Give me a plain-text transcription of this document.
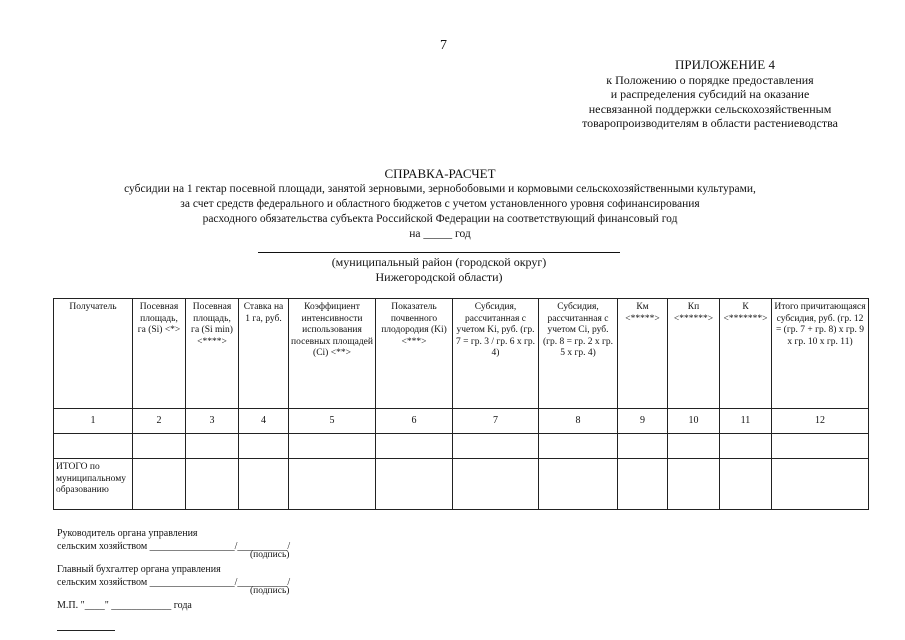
7
ПРИЛОЖЕНИЕ 4
к Положению о порядке предоставления
и распределения субсидий на оказание
несвязанной поддержки сельскохозяйственным
товаропроизводителям в области растениеводства
СПРАВКА-РАСЧЕТ
субсидии на 1 гектар посевной площади, занятой зерновыми, зернобобовыми и кормовыми сельскохозяйственными культурами,
за счет средств федерального и областного бюджетов с учетом установленного уровня софинансирования
расходного обязательства субъекта Российской Федерации на соответствующий финансовый год
на _____ год
(муниципальный район (городской округ)
Нижегородской области)
Получатель	Посевная площадь, га (Si) <*>	Посевная площадь, га (Si min) <****>	Ставка на 1 га, руб.	Коэффициент интенсивности использования посевных площадей (Ci) <**>	Показатель почвенного плодородия (Ki) <***>	Субсидия, рассчитанная с учетом Ki, руб. (гр. 7 = гр. 3 / гр. 6 х гр. 4)	Субсидия, рассчитанная с учетом Ci, руб. (гр. 8 = гр. 2 х гр. 5 х гр. 4)	Км <*****>	Кп <******>	К <*******>	Итого причитающаяся субсидия, руб. (гр. 12 = (гр. 7 + гр. 8) х гр. 9 х гр. 10 х гр. 11)
1	2	3	4	5	6	7	8	9	10	11	12

ИТОГО по муниципальному образованию											
Руководитель органа управления
сельским хозяйством _________________/__________/
(подпись)
Главный бухгалтер органа управления
сельским хозяйством _________________/__________/
(подпись)
М.П. "____" ____________ года
